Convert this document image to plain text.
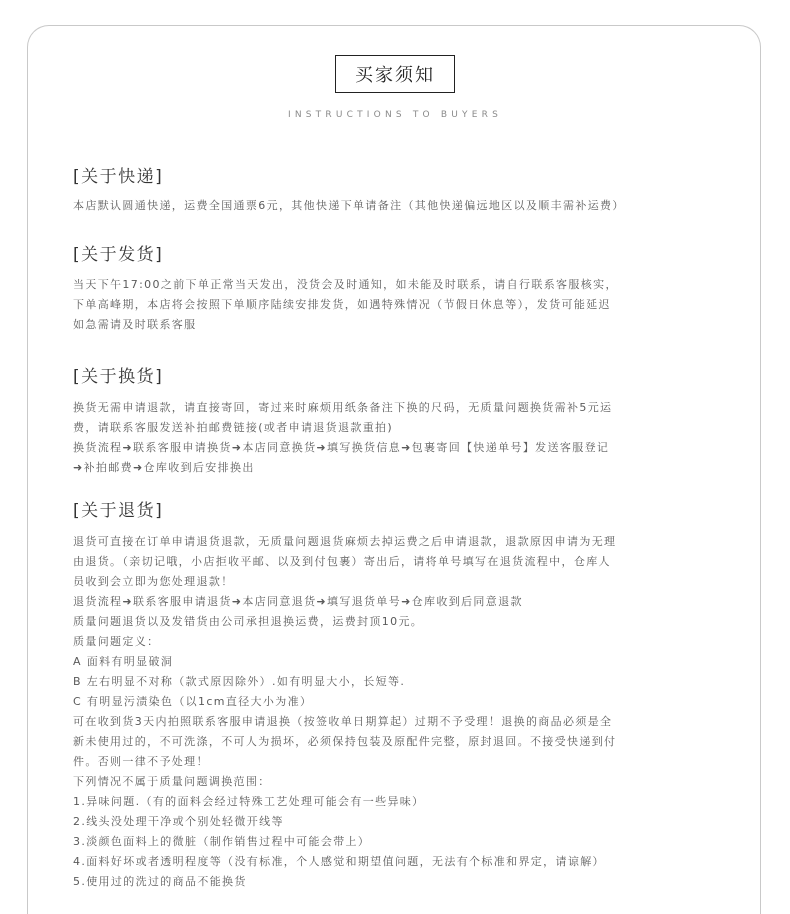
买家须知
INSTRUCTIONS TO BUYERS
[关于快递]
本店默认圆通快递，运费全国通票6元，其他快递下单请备注（其他快递偏远地区以及顺丰需补运费）
[关于发货]
当天下午17:00之前下单正常当天发出，没货会及时通知，如未能及时联系，请自行联系客服核实，
下单高峰期，本店将会按照下单顺序陆续安排发货，如遇特殊情况（节假日休息等），发货可能延迟
如急需请及时联系客服
[关于换货]
换货无需申请退款，请直接寄回，寄过来时麻烦用纸条备注下换的尺码，无质量问题换货需补5元运
费，请联系客服发送补拍邮费链接(或者申请退货退款重拍)
换货流程➜联系客服申请换货➜本店同意换货➜填写换货信息➜包裹寄回【快递单号】发送客服登记
➜补拍邮费➜仓库收到后安排换出
[关于退货]
退货可直接在订单申请退货退款，无质量问题退货麻烦去掉运费之后申请退款，退款原因申请为无理
由退货。（亲切记哦，小店拒收平邮、以及到付包裹）寄出后，请将单号填写在退货流程中，仓库人
员收到会立即为您处理退款！
退货流程➜联系客服申请退货➜本店同意退货➜填写退货单号➜仓库收到后同意退款
质量问题退货以及发错货由公司承担退换运费，运费封顶10元。
质量问题定义：
A 面料有明显破洞
B 左右明显不对称（款式原因除外）.如有明显大小，长短等.
C 有明显污渍染色（以1cm直径大小为准）
可在收到货3天内拍照联系客服申请退换（按签收单日期算起）过期不予受理！退换的商品必须是全
新未使用过的，不可洗涤，不可人为损坏，必须保持包装及原配件完整，原封退回。不接受快递到付
件。否则一律不予处理！
下列情况不属于质量问题调换范围：
1.异味问题.（有的面料会经过特殊工艺处理可能会有一些异味）
2.线头没处理干净或个别处轻微开线等
3.淡颜色面料上的微脏（制作销售过程中可能会带上）
4.面料好坏或者透明程度等（没有标准，个人感觉和期望值问题，无法有个标准和界定，请谅解）
5.使用过的洗过的商品不能换货
